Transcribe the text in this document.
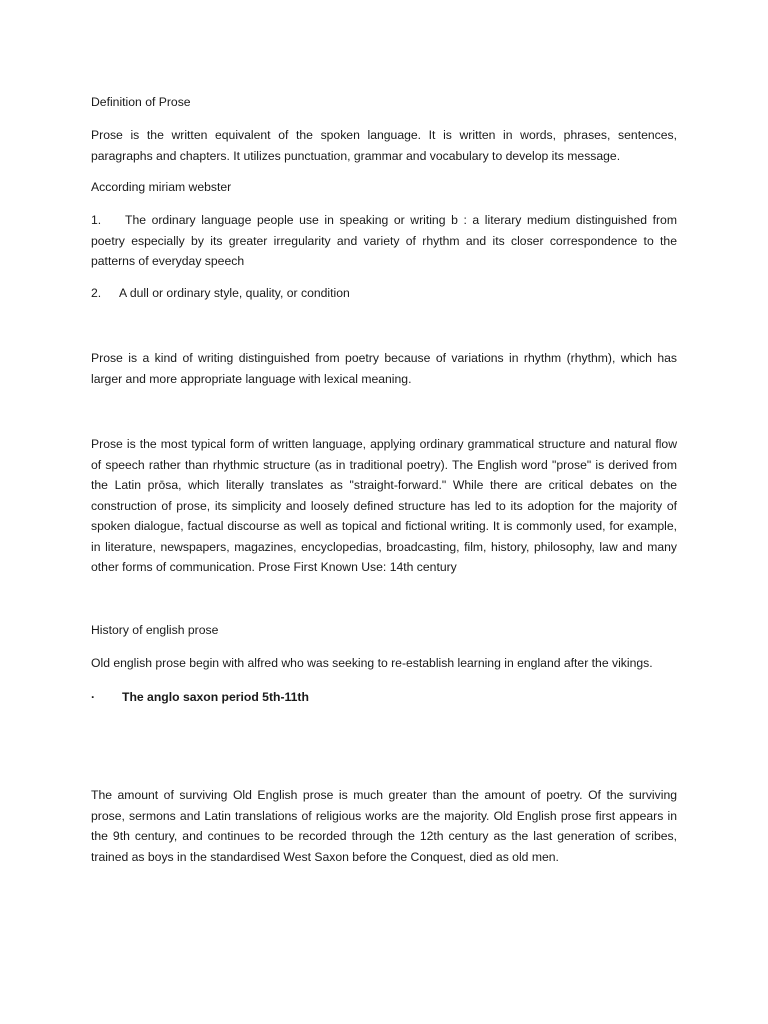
Definition of Prose

Prose is the written equivalent of the spoken language. It is written in words, phrases, sentences, paragraphs and chapters. It utilizes punctuation, grammar and vocabulary to develop its message.

According miriam webster

1. The ordinary language people use in speaking or writing b : a literary medium distinguished from poetry especially by its greater irregularity and variety of rhythm and its closer correspondence to the patterns of everyday speech

2. A dull or ordinary style, quality, or condition

Prose is a kind of writing distinguished from poetry because of variations in rhythm (rhythm), which has larger and more appropriate language with lexical meaning.

Prose is the most typical form of written language, applying ordinary grammatical structure and natural flow of speech rather than rhythmic structure (as in traditional poetry). The English word "prose" is derived from the Latin prōsa, which literally translates as "straight-forward." While there are critical debates on the construction of prose, its simplicity and loosely defined structure has led to its adoption for the majority of spoken dialogue, factual discourse as well as topical and fictional writing. It is commonly used, for example, in literature, newspapers, magazines, encyclopedias, broadcasting, film, history, philosophy, law and many other forms of communication. Prose First Known Use: 14th century

History of english prose

Old english prose begin with alfred who was seeking to re-establish learning in england after the vikings.

· The anglo saxon period 5th-11th

The amount of surviving Old English prose is much greater than the amount of poetry. Of the surviving prose, sermons and Latin translations of religious works are the majority. Old English prose first appears in the 9th century, and continues to be recorded through the 12th century as the last generation of scribes, trained as boys in the standardised West Saxon before the Conquest, died as old men.
